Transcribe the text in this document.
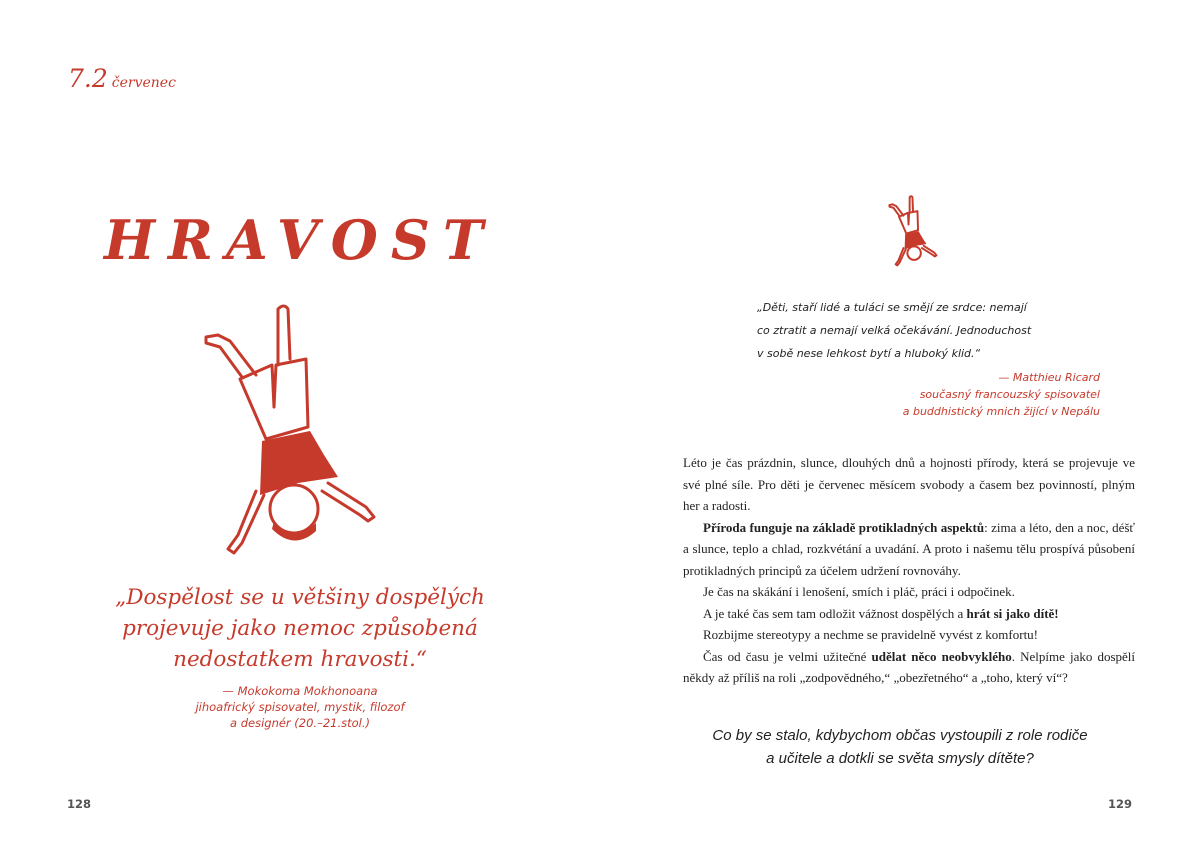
7.2 červenec
HRAVOST
„Dospělost se u většiny dospělých
projevuje jako nemoc způsobená
nedostatkem hravosti.“
— Mokokoma Mokhonoana
jihoafrický spisovatel, mystik, filozof
a designér (20.–21.stol.)
128
„Děti, staří lidé a tuláci se smějí ze srdce: nemají
co ztratit a nemají velká očekávání. Jednoduchost
v sobě nese lehkost bytí a hluboký klid.“
— Matthieu Ricard
současný francouzský spisovatel
a buddhistický mnich žijící v Nepálu

Léto je čas prázdnin, slunce, dlouhých dnů a hojnosti přírody, která se projevuje ve své plné síle. Pro děti je červenec měsícem svobody a časem bez povinností, plným her a radosti.

Příroda funguje na základě protikladných aspektů: zima a léto, den a noc, déšť a slunce, teplo a chlad, rozkvétání a uvadání. A proto i našemu tělu prospívá působení protikladných principů za účelem udržení rovnováhy.

Je čas na skákání i lenošení, smích i pláč, práci i odpočinek.

A je také čas sem tam odložit vážnost dospělých a hrát si jako dítě!

Rozbijme stereotypy a nechme se pravidelně vyvést z komfortu!

Čas od času je velmi užitečné udělat něco neobvyklého. Nelpíme jako dospělí někdy až příliš na roli „zodpovědného,“ „obezřetného“ a „toho, který ví“?

Co by se stalo, kdybychom občas vystoupili z role rodiče
a učitele a dotkli se světa smysly dítěte?
129
